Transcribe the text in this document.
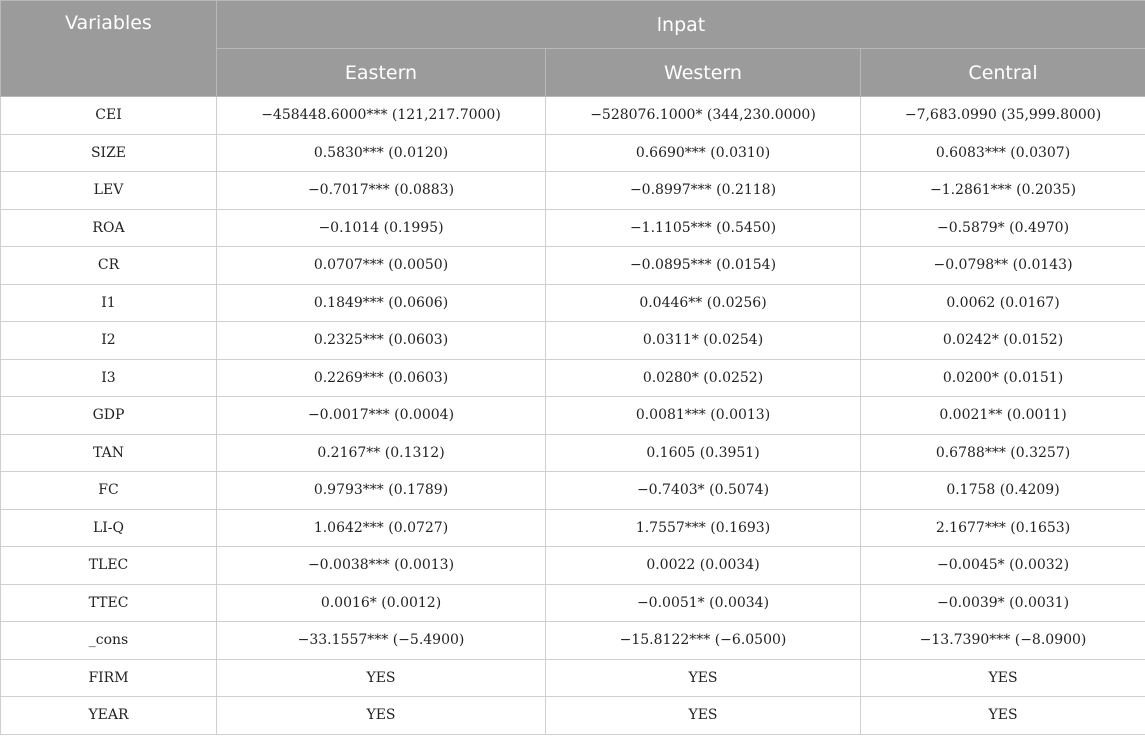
Variables	lnpat		
	Eastern	Western	Central
CEI	−458448.6000*** (121,217.7000)	−528076.1000* (344,230.0000)	−7,683.0990 (35,999.8000)
SIZE	0.5830*** (0.0120)	0.6690*** (0.0310)	0.6083*** (0.0307)
LEV	−0.7017*** (0.0883)	−0.8997*** (0.2118)	−1.2861*** (0.2035)
ROA	−0.1014 (0.1995)	−1.1105*** (0.5450)	−0.5879* (0.4970)
CR	0.0707*** (0.0050)	−0.0895*** (0.0154)	−0.0798** (0.0143)
I1	0.1849*** (0.0606)	0.0446** (0.0256)	0.0062 (0.0167)
I2	0.2325*** (0.0603)	0.0311* (0.0254)	0.0242* (0.0152)
I3	0.2269*** (0.0603)	0.0280* (0.0252)	0.0200* (0.0151)
GDP	−0.0017*** (0.0004)	0.0081*** (0.0013)	0.0021** (0.0011)
TAN	0.2167** (0.1312)	0.1605 (0.3951)	0.6788*** (0.3257)
FC	0.9793*** (0.1789)	−0.7403* (0.5074)	0.1758 (0.4209)
LI-Q	1.0642*** (0.0727)	1.7557*** (0.1693)	2.1677*** (0.1653)
TLEC	−0.0038*** (0.0013)	0.0022 (0.0034)	−0.0045* (0.0032)
TTEC	0.0016* (0.0012)	−0.0051* (0.0034)	−0.0039* (0.0031)
_cons	−33.1557*** (−5.4900)	−15.8122*** (−6.0500)	−13.7390*** (−8.0900)
FIRM	YES	YES	YES
YEAR	YES	YES	YES
